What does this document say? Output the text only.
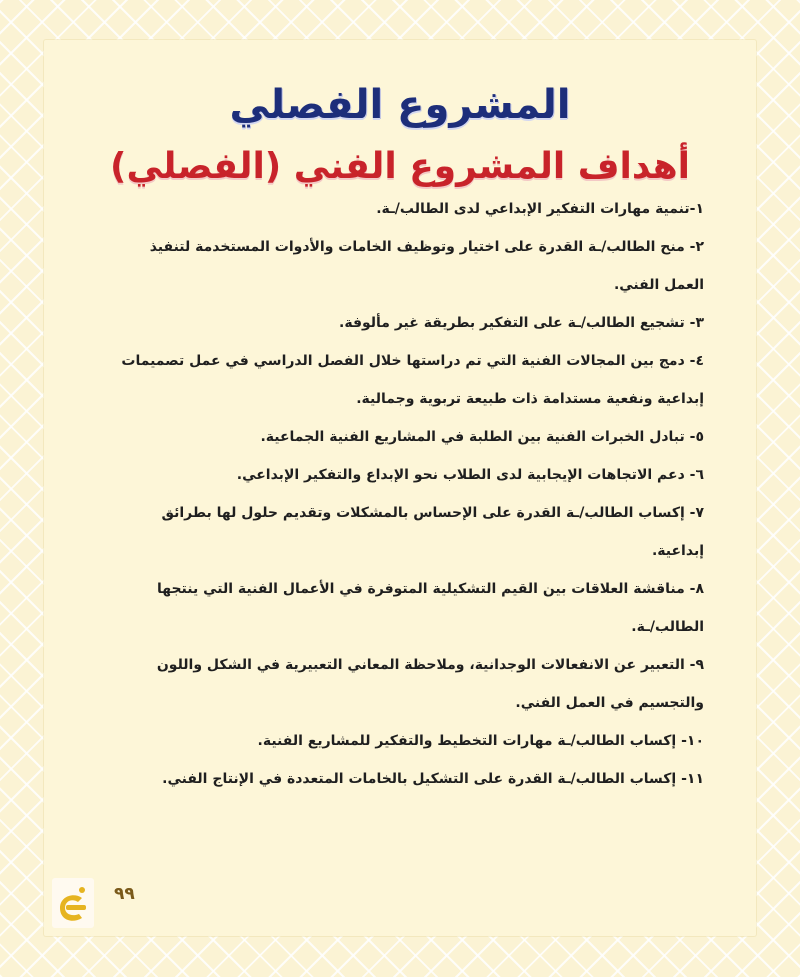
المشروع الفصلي
أهداف المشروع الفني (الفصلي)
١-تنمية مهارات التفكير الإبداعي لدى الطالب/ـة.
٢- منح الطالب/ـة القدرة على اختيار وتوظيف الخامات والأدوات المستخدمة لتنفيذ العمل الفني.
٣- تشجيع الطالب/ـة على التفكير بطريقة غير مألوفة.
٤- دمج بين المجالات الفنية التي تم دراستها خلال الفصل الدراسي في عمل تصميمات إبداعية ونفعية مستدامة ذات طبيعة تربوية وجمالية.
٥- تبادل الخبرات الفنية بين الطلبة في المشاريع الفنية الجماعية.
٦- دعم الاتجاهات الإيجابية لدى الطلاب نحو الإبداع والتفكير الإبداعي.
٧- إكساب الطالب/ـة القدرة على الإحساس بالمشكلات وتقديم حلول لها بطرائق إبداعية.
٨- مناقشة العلاقات بين القيم التشكيلية المتوفرة في الأعمال الفنية التي ينتجها الطالب/ـة.
٩- التعبير عن الانفعالات الوجدانية، وملاحظة المعاني التعبيرية في الشكل واللون والتجسيم في العمل الفني.
١٠- إكساب الطالب/ـة مهارات التخطيط والتفكير للمشاريع الفنية.
١١- إكساب الطالب/ـة القدرة على التشكيل بالخامات المتعددة في الإنتاج الفني.
٩٩
